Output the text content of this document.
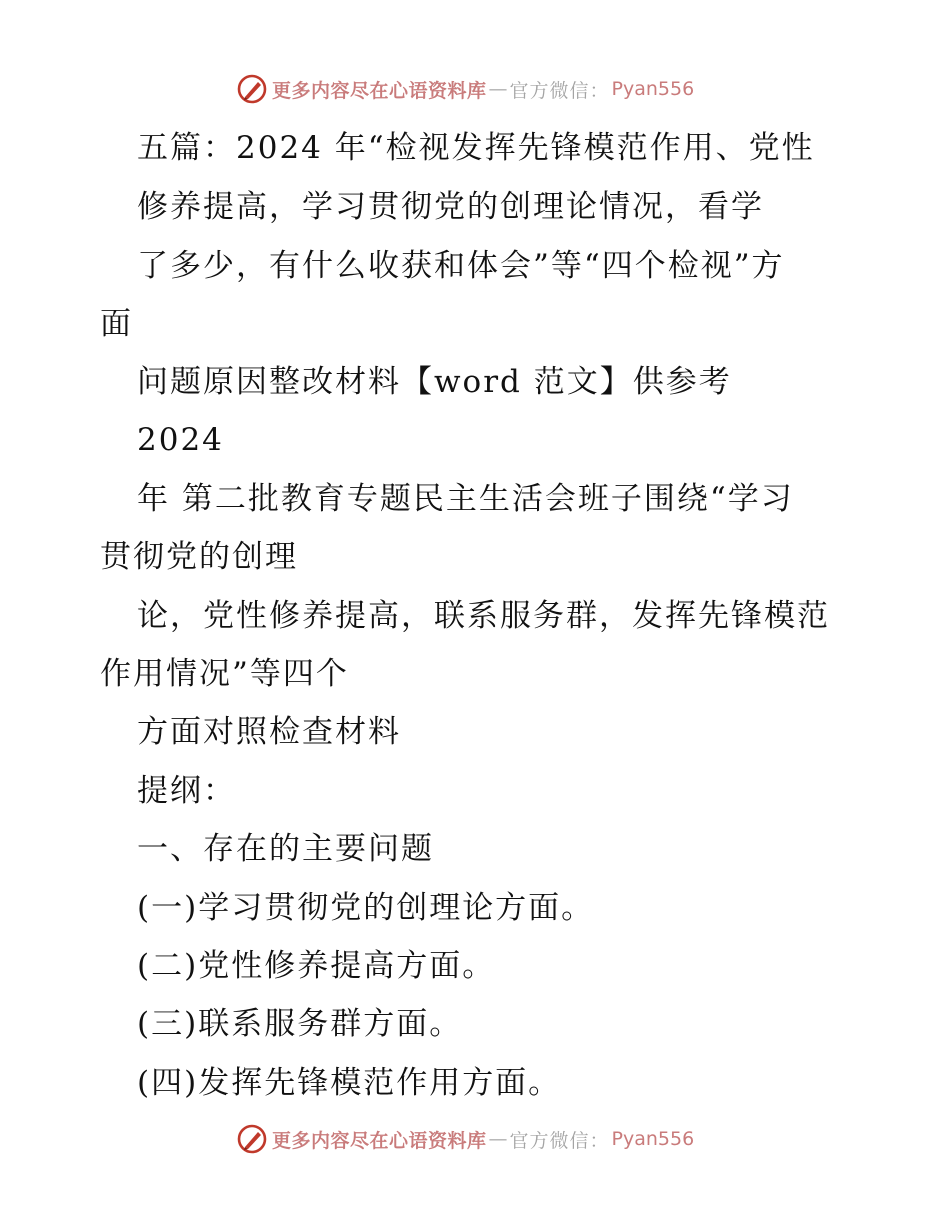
更多内容尽在心语资料库 — 官方微信： Pyan556
五篇：2024 年“检视发挥先锋模范作用、党性
修养提高，学习贯彻党的创理论情况，看学
了多少，有什么收获和体会”等“四个检视”方
面
问题原因整改材料【word 范文】供参考
2024
年 第二批教育专题民主生活会班子围绕“学习
贯彻党的创理
论，党性修养提高，联系服务群，发挥先锋模范
作用情况”等四个
方面对照检查材料
提纲：
一、存在的主要问题
(一)学习贯彻党的创理论方面。
(二)党性修养提高方面。
(三)联系服务群方面。
(四)发挥先锋模范作用方面。
更多内容尽在心语资料库 — 官方微信： Pyan556
